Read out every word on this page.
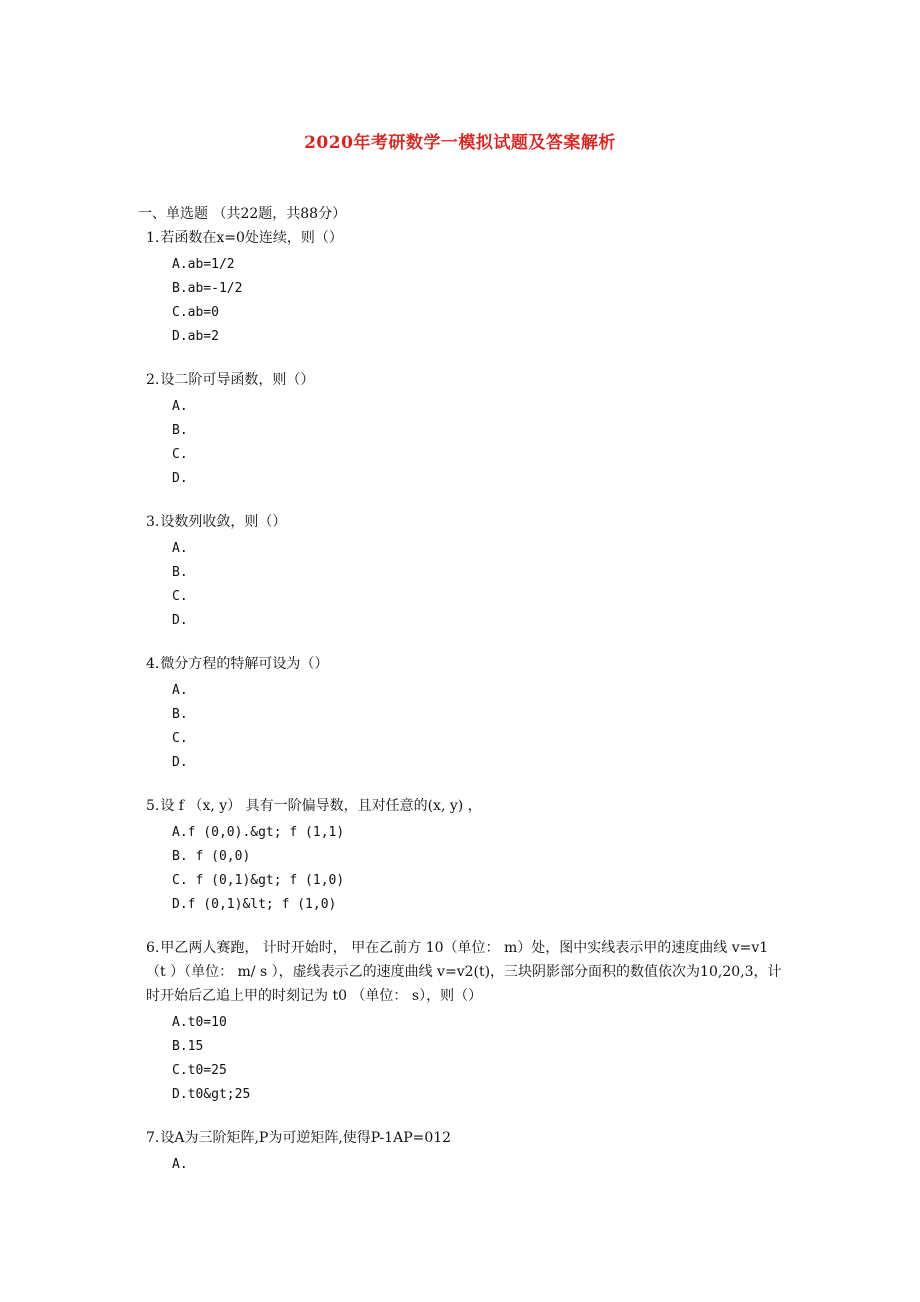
2020年考研数学一模拟试题及答案解析
一、单选题 （共22题，共88分）

1.若函数在x=0处连续，则（）

A.ab=1/2
B.ab=-1/2
C.ab=0
D.ab=2

2.设二阶可导函数，则（）

A.
B.
C.
D.

3.设数列收敛，则（）

A.
B.
C.
D.

4.微分方程的特解可设为（）

A.
B.
C.
D.

5.设 f （x, y） 具有一阶偏导数，且对任意的(x, y) ，

A.f (0,0).&gt; f (1,1)
B. f (0,0)
C. f (0,1)&gt; f (1,0)
D.f (0,1)&lt; f (1,0)

6.甲乙两人赛跑， 计时开始时， 甲在乙前方 10（单位： m）处，图中实线表示甲的速度曲线 v=v1 （t ）（单位： m/ s ），虚线表示乙的速度曲线 v=v2(t)，三块阴影部分面积的数值依次为10,20,3，计时开始后乙追上甲的时刻记为 t0 （单位： s），则（）

A.t0=10
B.15
C.t0=25
D.t0&gt;25

7.设A为三阶矩阵,P为可逆矩阵,使得P-1AP=012

A.
